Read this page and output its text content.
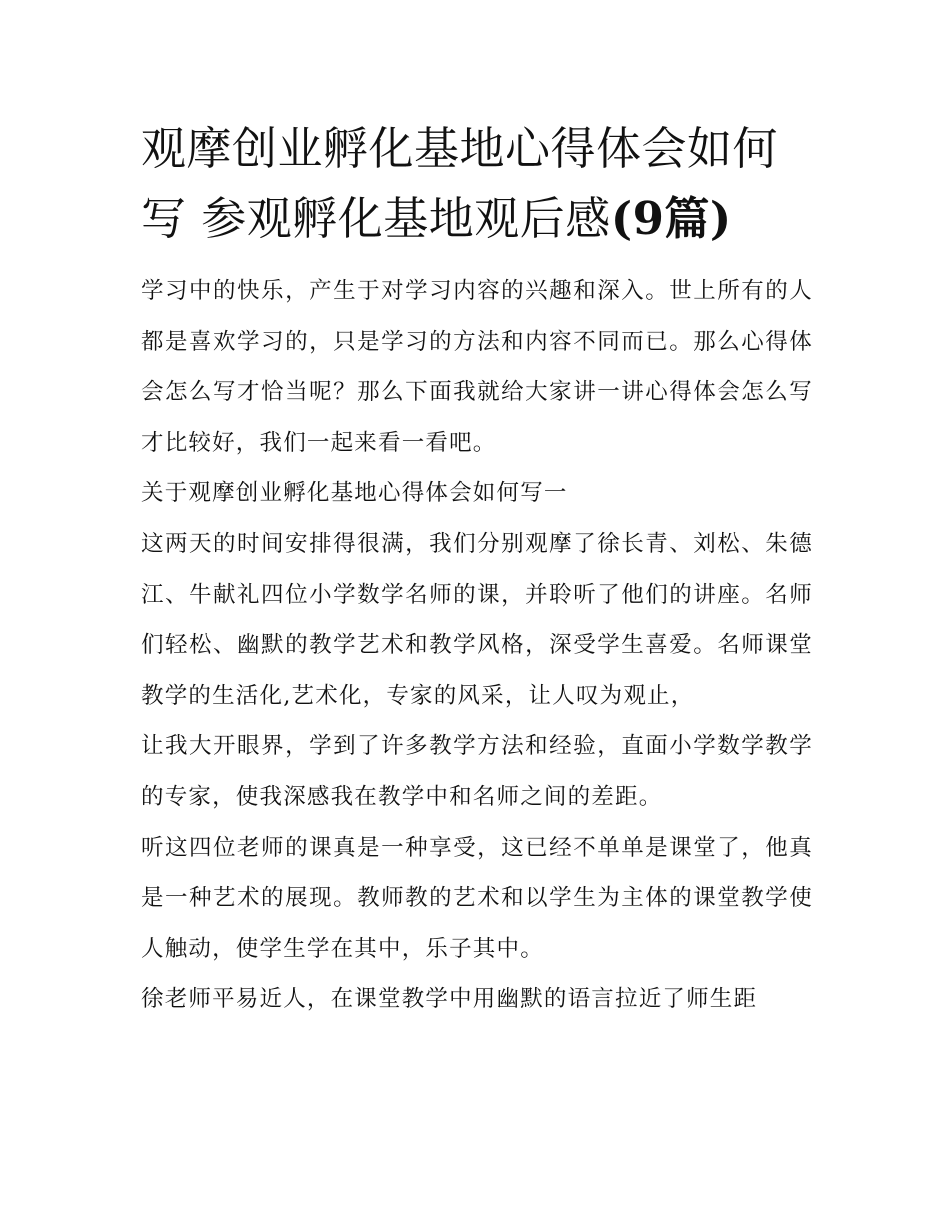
观摩创业孵化基地心得体会如何写 参观孵化基地观后感(9篇)

学习中的快乐，产生于对学习内容的兴趣和深入。世上所有的人都是喜欢学习的，只是学习的方法和内容不同而已。那么心得体会怎么写才恰当呢？那么下面我就给大家讲一讲心得体会怎么写才比较好，我们一起来看一看吧。

关于观摩创业孵化基地心得体会如何写一

这两天的时间安排得很满，我们分别观摩了徐长青、刘松、朱德江、牛献礼四位小学数学名师的课，并聆听了他们的讲座。名师们轻松、幽默的教学艺术和教学风格，深受学生喜爱。名师课堂教学的生活化,艺术化，专家的风采，让人叹为观止，

让我大开眼界，学到了许多教学方法和经验，直面小学数学教学的专家，使我深感我在教学中和名师之间的差距。

听这四位老师的课真是一种享受，这已经不单单是课堂了，他真是一种艺术的展现。教师教的艺术和以学生为主体的课堂教学使人触动，使学生学在其中，乐子其中。

徐老师平易近人，在课堂教学中用幽默的语言拉近了师生距
